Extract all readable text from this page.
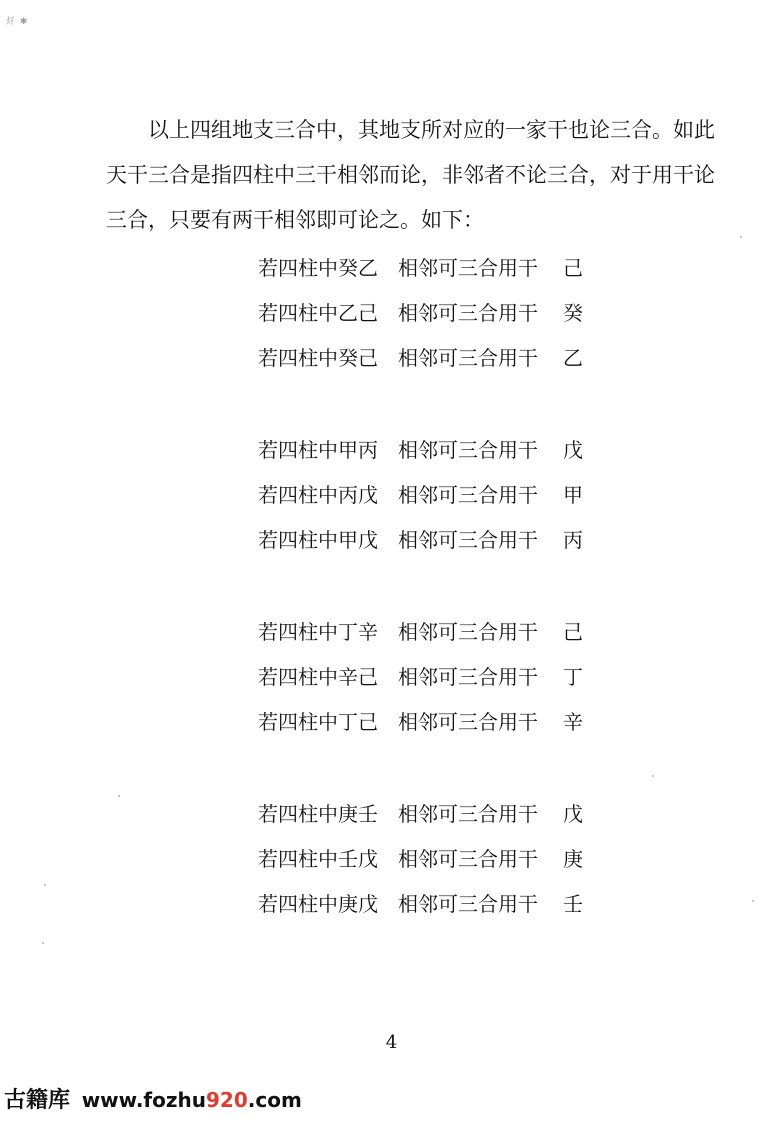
㶥 ✱

以上四组地支三合中，其地支所对应的一家干也论三合。如此

天干三合是指四柱中三干相邻而论，非邻者不论三合，对于用干论

三合，只要有两干相邻即可论之。如下：

若四柱中癸乙 相邻可三合用干 己
若四柱中乙己 相邻可三合用干 癸
若四柱中癸己 相邻可三合用干 乙
若四柱中甲丙 相邻可三合用干 戊
若四柱中丙戊 相邻可三合用干 甲
若四柱中甲戊 相邻可三合用干 丙
若四柱中丁辛 相邻可三合用干 己
若四柱中辛己 相邻可三合用干 丁
若四柱中丁己 相邻可三合用干 辛
若四柱中庚壬 相邻可三合用干 戊
若四柱中壬戊 相邻可三合用干 庚
若四柱中庚戊 相邻可三合用干 壬
4
古籍库 www.fozhu920.com
